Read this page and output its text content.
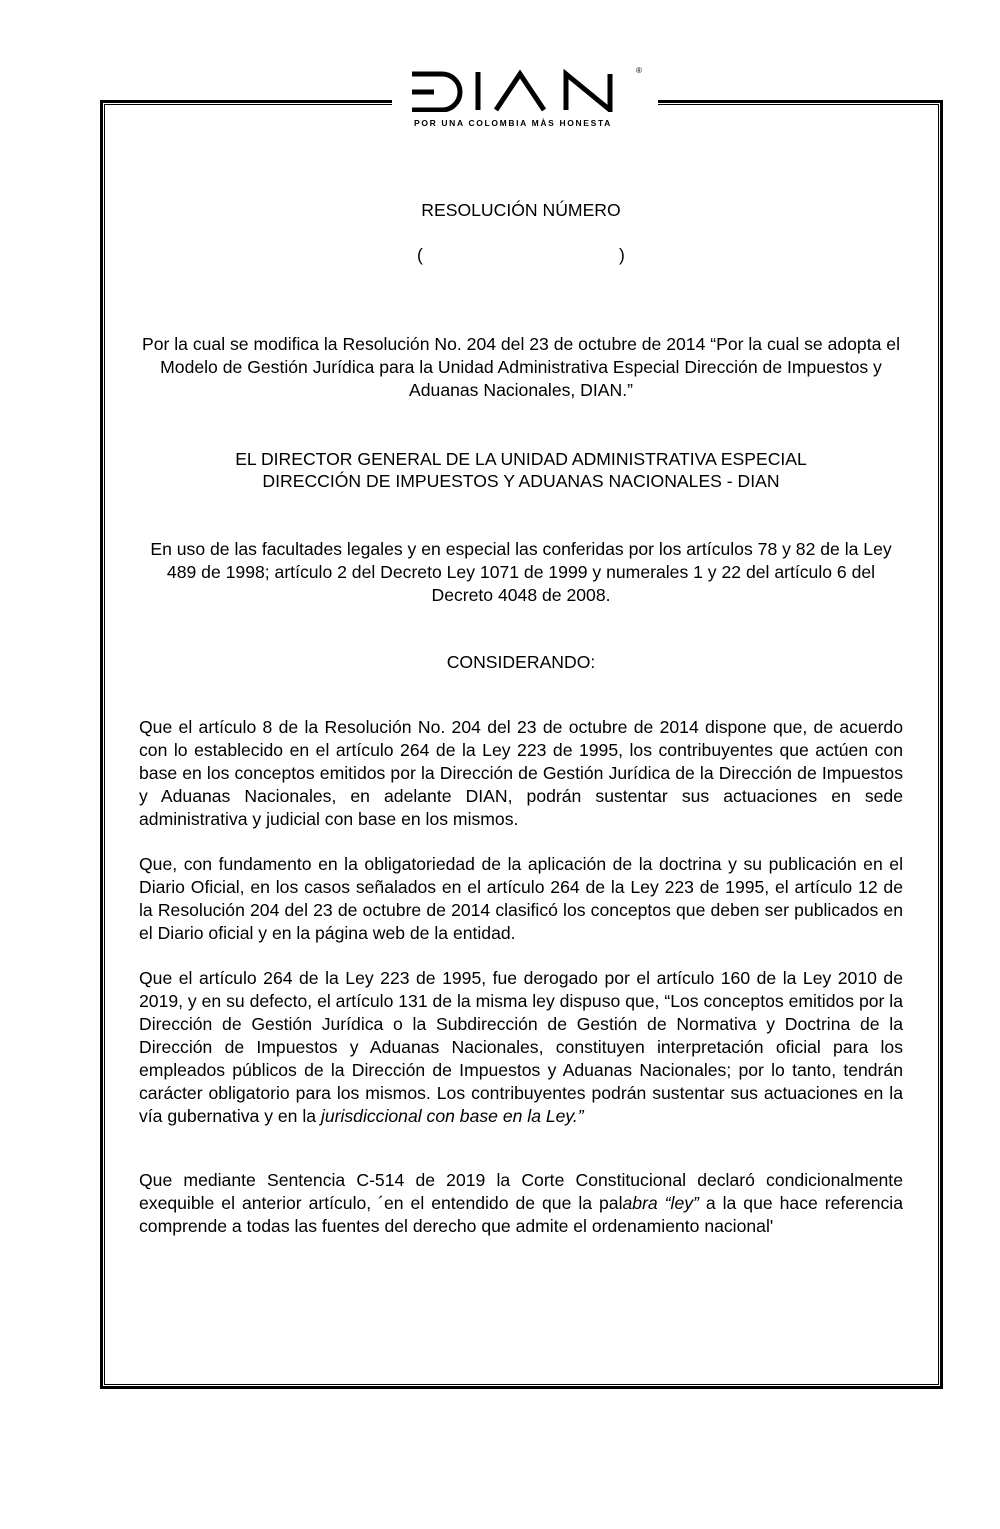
®
POR UNA COLOMBIA MÀS HONESTA
RESOLUCIÓN NÚMERO
(	)
Por la cual se modifica la Resolución No. 204 del 23 de octubre de 2014 “Por la cual se adopta el Modelo de Gestión Jurídica para la Unidad Administrativa Especial Dirección de Impuestos y Aduanas Nacionales, DIAN.”
EL DIRECTOR GENERAL DE LA UNIDAD ADMINISTRATIVA ESPECIAL
DIRECCIÓN DE IMPUESTOS Y ADUANAS NACIONALES - DIAN
En uso de las facultades legales y en especial las conferidas por los artículos 78 y 82 de la Ley 489 de 1998; artículo 2 del Decreto Ley 1071 de 1999 y numerales 1 y 22 del artículo 6 del Decreto 4048 de 2008.
CONSIDERANDO:
Que el artículo 8 de la Resolución No. 204 del 23 de octubre de 2014 dispone que, de acuerdo con lo establecido en el artículo 264 de la Ley 223 de 1995, los contribuyentes que actúen con base en los conceptos emitidos por la Dirección de Gestión Jurídica de la Dirección de Impuestos y Aduanas Nacionales, en adelante DIAN, podrán sustentar sus actuaciones en sede administrativa y judicial con base en los mismos.
Que, con fundamento en la obligatoriedad de la aplicación de la doctrina y su publicación en el Diario Oficial, en los casos señalados en el artículo 264 de la Ley 223 de 1995, el artículo 12 de la Resolución 204 del 23 de octubre de 2014 clasificó los conceptos que deben ser publicados en el Diario oficial y en la página web de la entidad.
Que el artículo 264 de la Ley 223 de 1995, fue derogado por el artículo 160 de la Ley 2010 de 2019, y en su defecto, el artículo 131 de la misma ley dispuso que, “Los conceptos emitidos por la Dirección de Gestión Jurídica o la Subdirección de Gestión de Normativa y Doctrina de la Dirección de Impuestos y Aduanas Nacionales, constituyen interpretación oficial para los empleados públicos de la Dirección de Impuestos y Aduanas Nacionales; por lo tanto, tendrán carácter obligatorio para los mismos. Los contribuyentes podrán sustentar sus actuaciones en la vía gubernativa y en la jurisdiccional con base en la Ley.”
Que mediante Sentencia C-514 de 2019 la Corte Constitucional declaró condicionalmente exequible el anterior artículo, ´en el entendido de que la palabra “ley” a la que hace referencia comprende a todas las fuentes del derecho que admite el ordenamiento nacional'
